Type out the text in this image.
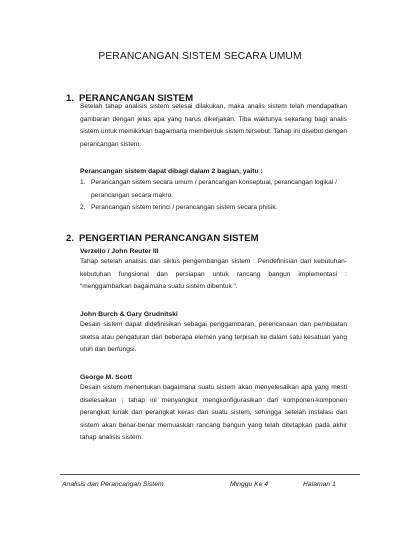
PERANCANGAN SISTEM SECARA UMUM
1. PERANCANGAN SISTEM
Setelah tahap analisis sistem selesai dilakukan, maka analis sistem telah mendapatkan gambaran dengan jelas apa yang harus dikerjakan. Tiba waktunya sekarang bagi analis sistem untuk memikirkan bagaimana membentuk sistem tersebut. Tahap ini disebut dengan perancangan sistem.
Perancangan sistem dapat dibagi dalam 2 bagian, yaitu :
1. Perancangan sistem secara umum / perancangan konseptual, perancangan logikal / perancangan secara makro.
2. Perancangan sistem terinci / perancangan sistem secara phisik.
2. PENGERTIAN PERANCANGAN SISTEM
Verzello / John Reuter III
Tahap setelah analisis dari siklus pengembangan sistem : Pendefinisian dari kebutuhan-kebutuhan fungsional dan persiapan untuk rancang bangun implementasi : “menggambarkan bagaimana suatu sistem dibentuk “.
John Burch & Gary Grudnitski
Desain sistem dapat didefinisikan sebagai penggambaran, perencanaan dan pembuatan sketsa atau pengaturan dari beberapa elemen yang terpisah ke dalam satu kesatuan yang utuh dan berfungsi.
George M. Scott
Desain sistem menentukan bagaimana suatu sistem akan menyelesaikan apa yang mesti diselesaikan ; tahap ini menyangkut mengkonfigurasikan dari komponen-komponen perangkat lunak dan perangkat keras dari suatu sistem, sehingga setelah instalasi dari sistem akan benar-benar memuaskan rancang bangun yang telah ditetapkan pada akhir tahap analisis sistem.
Analisis dan Perancangan Sistem	Minggu Ke 4	Halaman 1
